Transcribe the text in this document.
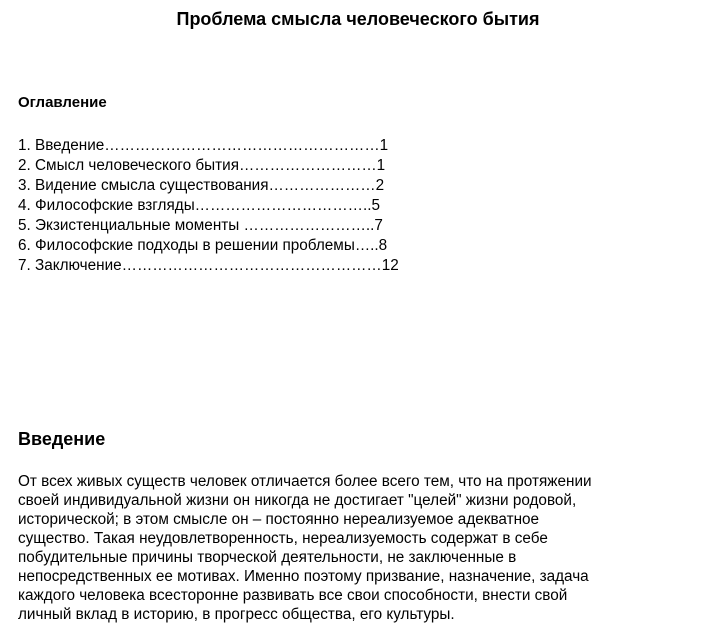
Проблема смысла человеческого бытия
Оглавление
1. Введение………………………………………………1
2. Смысл человеческого бытия………………………1
3. Видение смысла существования…………………2
4. Философские взгляды……………………………..5
5. Экзистенциальные моменты ……………………..7
6. Философские подходы в решении проблемы…..8
7. Заключение……………………………………………12
Введение

От всех живых существ человек отличается более всего тем, что на протяжении
своей индивидуальной жизни он никогда не достигает "целей" жизни родовой,
исторической; в этом смысле он – постоянно нереализуемое адекватное
существо. Такая неудовлетворенность, нереализуемость содержат в себе
побудительные причины творческой деятельности, не заключенные в
непосредственных ее мотивах. Именно поэтому призвание, назначение, задача
каждого человека всесторонне развивать все свои способности, внести свой
личный вклад в историю, в прогресс общества, его культуры.
